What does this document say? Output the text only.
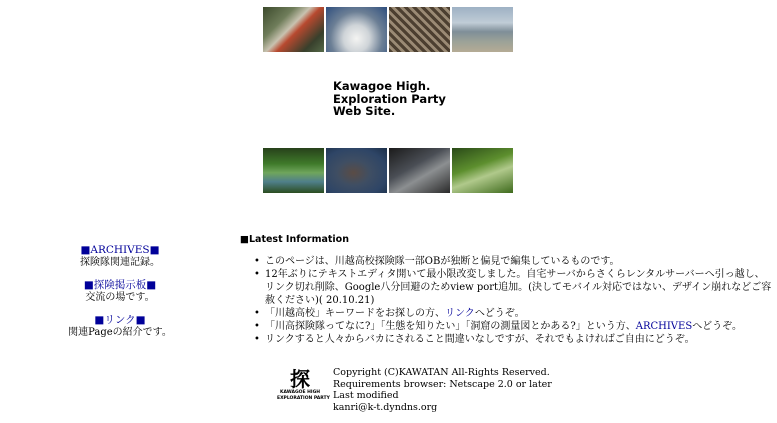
Kawagoe High.
Exploration Party
Web Site.
■ARCHIVES■
探険隊関連記録。
■探険掲示板■
交流の場です。
■リンク■
関連Pageの紹介です。
■Latest Information
• このページは、川越高校探険隊一部OBが独断と偏見で編集しているものです。
• 12年ぶりにテキストエディタ開いて最小限改変しました。自宅サーバからさくらレンタルサーバーへ引っ越し、リンク切れ削除、Google八分回避のためview port追加。(決してモバイル対応ではない、デザイン崩れなどご容赦ください)( 20.10.21)
• 「川越高校」キーワードをお探しの方、リンクへどうぞ。
• 「川高探険隊ってなに?」「生態を知りたい」「洞窟の測量図とかある?」という方、ARCHIVESへどうぞ。
• リンクすると人々からバカにされること間違いなしですが、それでもよければご自由にどうぞ。
探
KAWAGOE HIGH
EXPLORATION PARTY
Copyright (C)KAWATAN All-Rights Reserved.
Requirements browser: Netscape 2.0 or later
Last modified
kanri@k-t.dyndns.org
